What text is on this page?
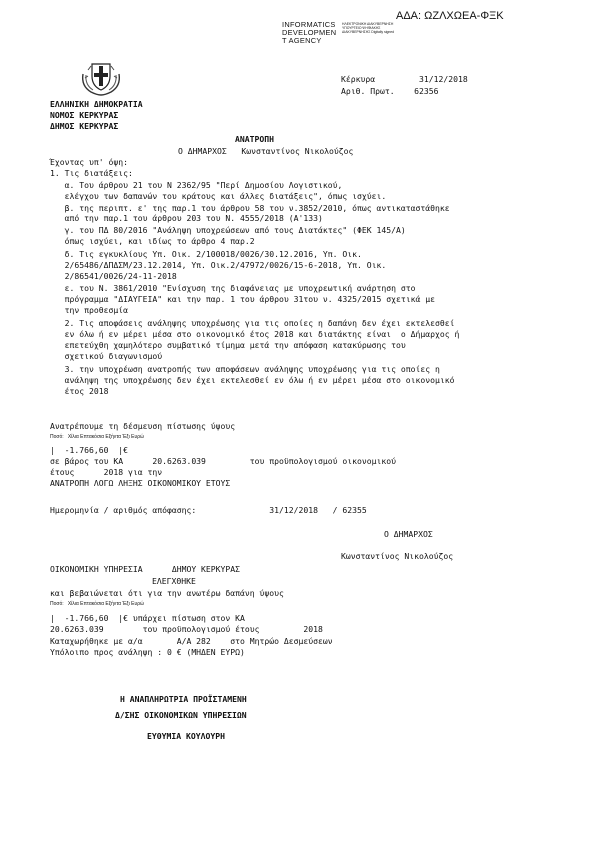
ΑΔΑ: ΩΖΛΧΩΕΑ-ΦΞΚ
INFORMATICS
DEVELOPMEN
T AGENCY
ΗΛΕΚΤΡΟΝΙΚΗ ΔΙΑΚΥΒΕΡΝΗΣΗ ΥΠΟΥΡΓΕΙΟ ΨΗΦΙΑΚΗΣ ΔΙΑΚΥΒΕΡΝΗΣΗΣ Digitally signed
Κέρκυρα         31/12/2018
Αριθ. Πρωτ.    62356
ΕΛΛΗΝΙΚΗ ΔΗΜΟΚΡΑΤΙΑ
ΝΟΜΟΣ ΚΕΡΚΥΡΑΣ
ΔΗΜΟΣ ΚΕΡΚΥΡΑΣ
ΑΝΑΤΡΟΠΗ
Ο ΔΗΜΑΡΧΟΣ   Κωνσταντίνος Νικολούζος
Έχοντας υπ' όψη:
1. Τις διατάξεις:
α. Του άρθρου 21 του Ν 2362/95 "Περί Δημοσίου Λογιστικού,
ελέγχου των δαπανών του κράτους και άλλες διατάξεις", όπως ισχύει.
β. της περιπτ. ε' της παρ.1 του άρθρου 58 του ν.3852/2010, όπως αντικαταστάθηκε
από την παρ.1 του άρθρου 203 του Ν. 4555/2018 (Α'133)
γ. του ΠΔ 80/2016 "Ανάληψη υποχρεώσεων από τους Διατάκτες" (ΦΕΚ 145/Α)
όπως ισχύει, και ιδίως το άρθρο 4 παρ.2
δ. Τις εγκυκλίους Υπ. Οικ. 2/100018/0026/30.12.2016, Υπ. Οικ.
2/65486/ΔΠΔΣΜ/23.12.2014, Υπ. Οικ.2/47972/0026/15-6-2018, Υπ. Οικ.
2/86541/0026/24-11-2018
ε. του Ν. 3861/2010 "Ενίσχυση της διαφάνειας με υποχρεωτική ανάρτηση στο
πρόγραμμα "ΔΙΑΥΓΕΙΑ" και την παρ. 1 του άρθρου 31του ν. 4325/2015 σχετικά με
την προθεσμία
2. Τις αποφάσεις ανάληψης υποχρέωσης για τις οποίες η δαπάνη δεν έχει εκτελεσθεί
εν όλω ή εν μέρει μέσα στο οικονομικό έτος 2018 και διατάκτης είναι  ο Δήμαρχος ή
επετεύχθη χαμηλότερο συμβατικό τίμημα μετά την απόφαση κατακύρωσης του
σχετικού διαγωνισμού
3. την υποχρέωση ανατροπής των αποφάσεων ανάληψης υποχρέωσης για τις οποίες η
ανάληψη της υποχρέωσης δεν έχει εκτελεσθεί εν όλω ή εν μέρει μέσα στο οικονομικό
έτος 2018
Ανατρέπουμε τη δέσμευση πίστωσης ύψους
Ποσό:   Χίλια Επτακόσια Εξήντα Έξι Ευρώ
|  -1.766,60  |€
σε βάρος του ΚΑ      20.6263.039         του προϋπολογισμού οικονομικού
έτους      2018 για την
ΑΝΑΤΡΟΠΗ ΛΟΓΩ ΛΗΞΗΣ ΟΙΚΟΝΟΜΙΚΟΥ ΕΤΟΥΣ
Ημερομηνία / αριθμός απόφασης:               31/12/2018   / 62355
Ο ΔΗΜΑΡΧΟΣ
Κωνσταντίνος Νικολούζος
ΟΙΚΟΝΟΜΙΚΗ ΥΠΗΡΕΣΙΑ      ΔΗΜΟΥ ΚΕΡΚΥΡΑΣ
ΕΛΕΓΧΘΗΚΕ
και βεβαιώνεται ότι για την ανωτέρω δαπάνη ύψους
Ποσό:   Χίλια Επτακόσια Εξήντα Έξι Ευρώ
|  -1.766,60  |€ υπάρχει πίστωση στον ΚΑ
20.6263.039        του προϋπολογισμού έτους         2018
Καταχωρήθηκε με α/α       Α/Α 282    στο Μητρώο Δεσμεύσεων
Υπόλοιπο προς ανάληψη : 0 € (ΜΗΔΕΝ ΕΥΡΩ)
Η ΑΝΑΠΛΗΡΩΤΡΙΑ ΠΡΟΪΣΤΑΜΕΝΗ
Δ/ΣΗΣ ΟΙΚΟΝΟΜΙΚΩΝ ΥΠΗΡΕΣΙΩΝ
ΕΥΘΥΜΙΑ ΚΟΥΛΟΥΡΗ
